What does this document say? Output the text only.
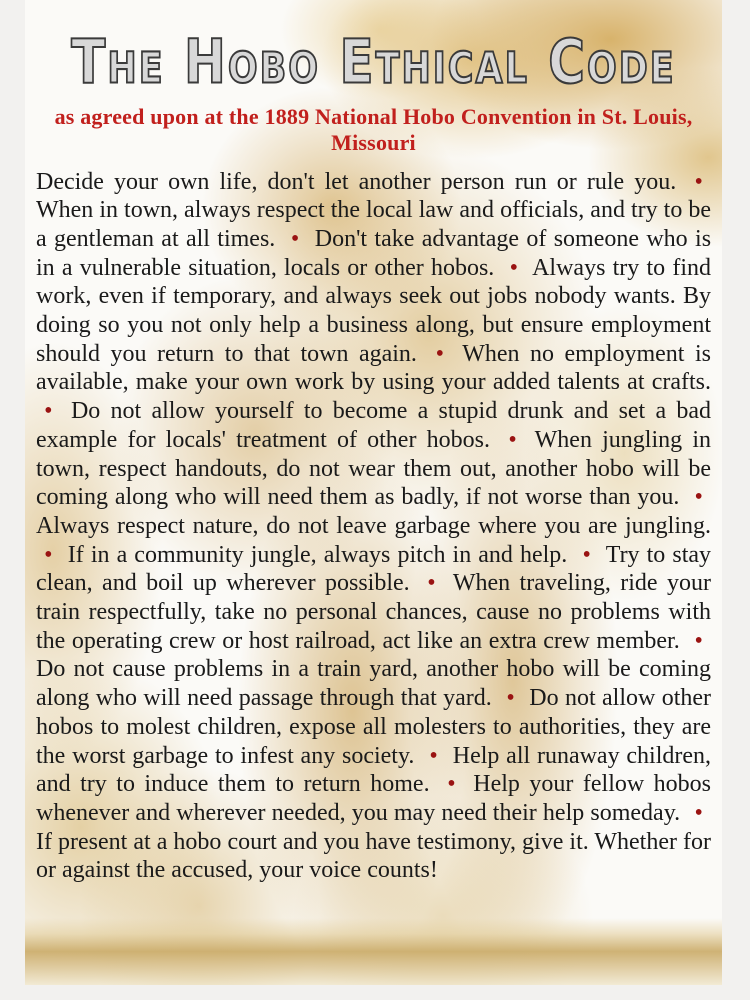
The Hobo Ethical Code
as agreed upon at the 1889 National Hobo Convention in St. Louis, Missouri

Decide your own life, don't let another person run or rule you. • When in town, always respect the local law and officials, and try to be a gentleman at all times. • Don't take advantage of someone who is in a vulnerable situation, locals or other hobos. • Always try to find work, even if temporary, and always seek out jobs nobody wants. By doing so you not only help a business along, but ensure employment should you return to that town again. • When no employment is available, make your own work by using your added talents at crafts. • Do not allow yourself to become a stupid drunk and set a bad example for locals' treatment of other hobos. • When jungling in town, respect handouts, do not wear them out, another hobo will be coming along who will need them as badly, if not worse than you. • Always respect nature, do not leave garbage where you are jungling. • If in a community jungle, always pitch in and help. • Try to stay clean, and boil up wherever possible. • When traveling, ride your train respectfully, take no personal chances, cause no problems with the operating crew or host railroad, act like an extra crew member. • Do not cause problems in a train yard, another hobo will be coming along who will need passage through that yard. • Do not allow other hobos to molest children, expose all molesters to authorities, they are the worst garbage to infest any society. • Help all runaway children, and try to induce them to return home. • Help your fellow hobos whenever and wherever needed, you may need their help someday. • If present at a hobo court and you have testimony, give it. Whether for or against the accused, your voice counts!
